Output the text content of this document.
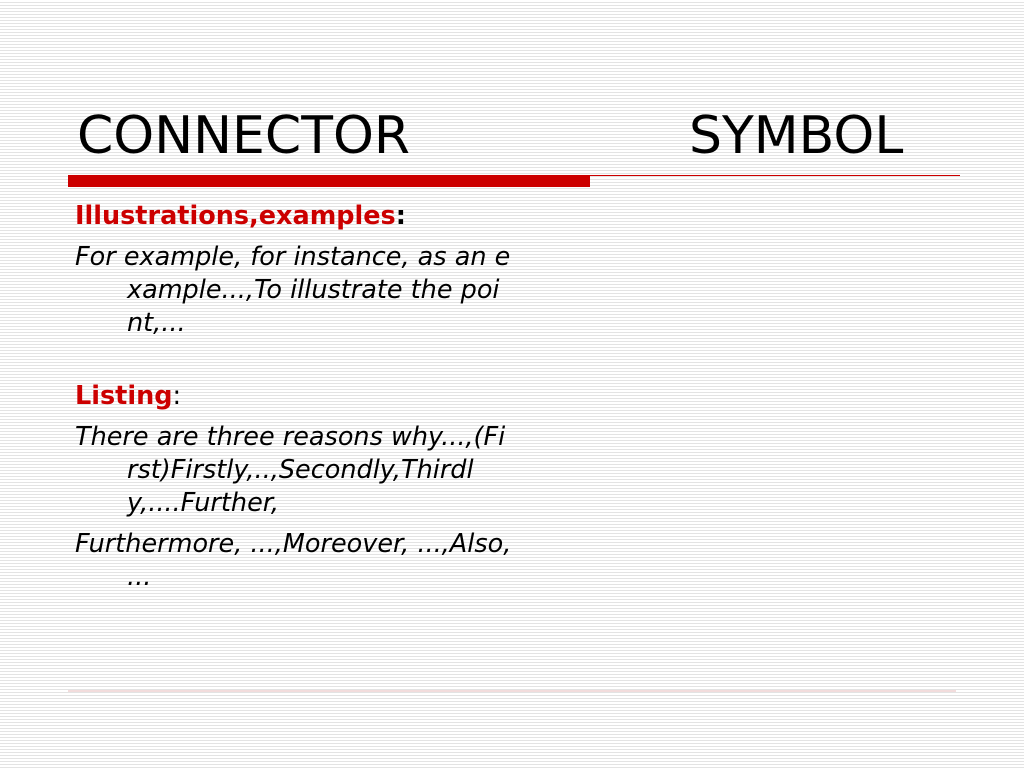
CONNECTOR	SYMBOL
Illustrations,examples:
For example, for instance, as an example...,To illustrate the point,...
Listing:
There are three reasons why...,(First)Firstly,..,Secondly,Thirdly,....Further,
Furthermore, ...,Moreover, ...,Also, ...
